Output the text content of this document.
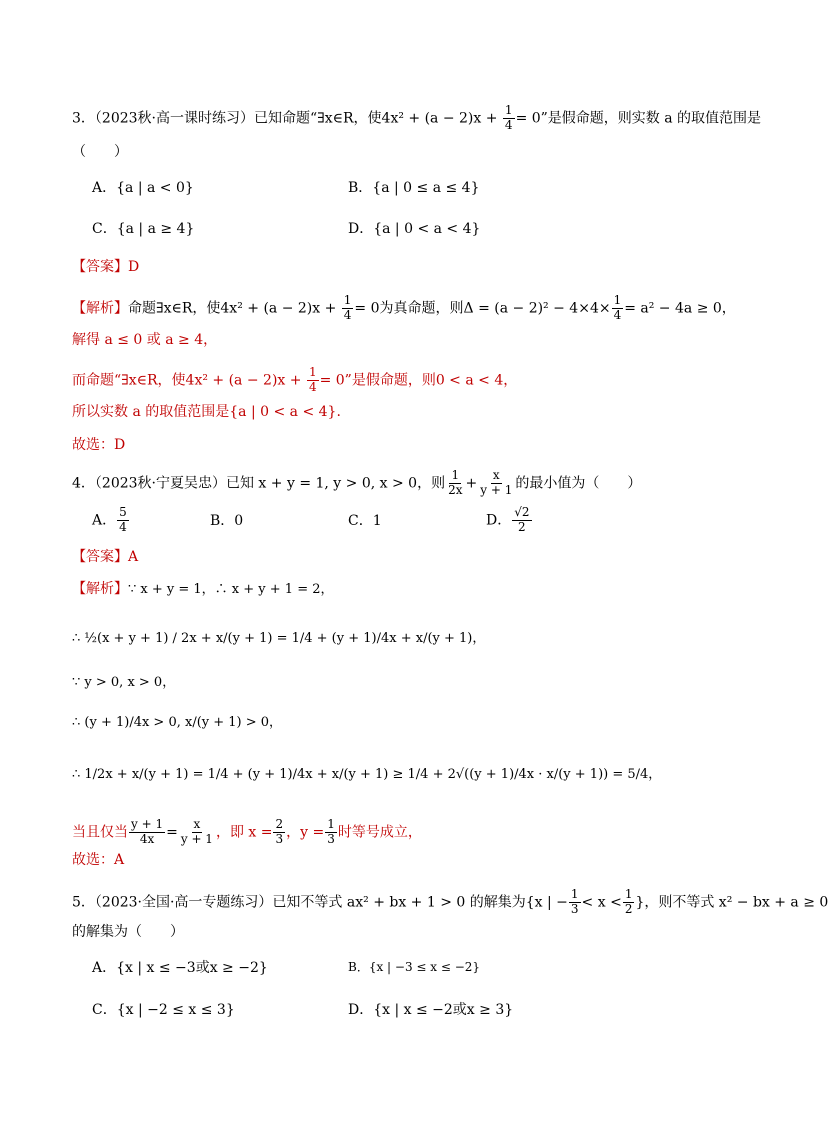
3．（2023秋·高一课时练习）已知命题“∃x∈R，使$4x^2 + (a - 2)x + \frac{1}{4} = 0$”是假命题，则实数 a 的取值范围是
（　　）
A．{a | a < 0}	B．{a | 0 ≤ a ≤ 4}
C．{a | a ≥ 4}	D．{a | 0 < a < 4}
【答案】D
【解析】命题∃x∈R，使$4x^2 + (a - 2)x + \frac{1}{4} = 0$为真命题，则$\Delta = (a - 2)^2 - 4\times 4\times \frac{1}{4} = a^2 - 4a \ge 0$，
解得 a ≤ 0 或 a ≥ 4，
而命题“∃x∈R，使$4x^2 + (a - 2)x + \frac{1}{4} = 0$”是假命题，则0 < a < 4，
所以实数 a 的取值范围是{a | 0 < a < 4}.
故选：D
4．（2023秋·宁夏吴忠）已知 x + y = 1, y > 0, x > 0，则 $\frac{1}{2x} + \frac{x}{y + 1}$ 的最小值为（　　）
A． $\frac{5}{4}$	B．0	C．1	D． $\frac{√2}{2}$
【答案】A
【解析】∵ x + y = 1，∴ x + y + 1 = 2，
∴ ½(x + y + 1) / 2x + x/(y + 1) = 1/4 + (y + 1)/4x + x/(y + 1)，
∵ y > 0, x > 0，
∴ (y + 1)/4x > 0, x/(y + 1) > 0，
∴ 1/2x + x/(y + 1) = 1/4 + (y + 1)/4x + x/(y + 1) ≥ 1/4 + 2√((y + 1)/4x · x/(y + 1)) = 5/4，
当且仅当 $\frac{y + 1}{4x} = \frac{x}{y + 1}$ ，即 $x = \frac{2}{3}$ ，$y = \frac{1}{3}$ 时等号成立，
故选：A
5．（2023·全国·高一专题练习）已知不等式 ax² + bx + 1 > 0 的解集为{x | − $\frac{1}{3} < x < \frac{1}{2}$ }，则不等式 x² − bx + a ≥ 0
的解集为（　　）
A．{x | x ≤ −3或x ≥ −2}	B．{x | −3 ≤ x ≤ −2}
C．{x | −2 ≤ x ≤ 3}	D．{x | x ≤ −2或x ≥ 3}
